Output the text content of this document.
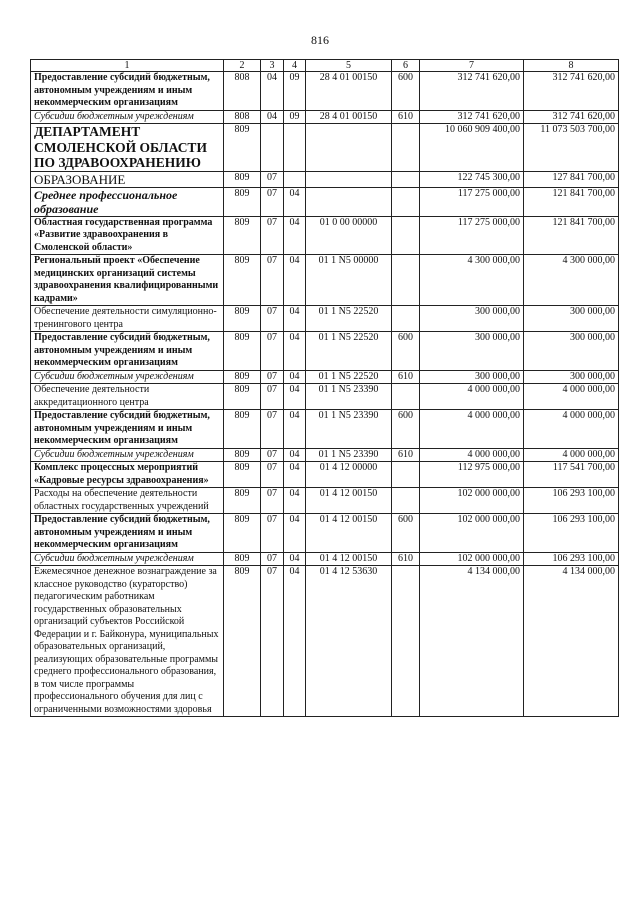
816
1	2	3	4	5	6	7	8
Предоставление субсидий бюджетным, автономным учреждениям и иным некоммерческим организациям	808	04	09	28 4 01 00150	600	312 741 620,00	312 741 620,00
Субсидии бюджетным учреждениям	808	04	09	28 4 01 00150	610	312 741 620,00	312 741 620,00
ДЕПАРТАМЕНТ СМОЛЕНСКОЙ ОБЛАСТИ ПО ЗДРАВООХРАНЕНИЮ	809					10 060 909 400,00	11 073 503 700,00
ОБРАЗОВАНИЕ	809	07				122 745 300,00	127 841 700,00
Среднее профессиональное образование	809	07	04			117 275 000,00	121 841 700,00
Областная государственная программа «Развитие здравоохранения в Смоленской области»	809	07	04	01 0 00 00000		117 275 000,00	121 841 700,00
Региональный проект «Обеспечение медицинских организаций системы здравоохранения квалифицированными кадрами»	809	07	04	01 1 N5 00000		4 300 000,00	4 300 000,00
Обеспечение деятельности симуляционно-тренингового центра	809	07	04	01 1 N5 22520		300 000,00	300 000,00
Предоставление субсидий бюджетным, автономным учреждениям и иным некоммерческим организациям	809	07	04	01 1 N5 22520	600	300 000,00	300 000,00
Субсидии бюджетным учреждениям	809	07	04	01 1 N5 22520	610	300 000,00	300 000,00
Обеспечение деятельности аккредитационного центра	809	07	04	01 1 N5 23390		4 000 000,00	4 000 000,00
Предоставление субсидий бюджетным, автономным учреждениям и иным некоммерческим организациям	809	07	04	01 1 N5 23390	600	4 000 000,00	4 000 000,00
Субсидии бюджетным учреждениям	809	07	04	01 1 N5 23390	610	4 000 000,00	4 000 000,00
Комплекс процессных мероприятий «Кадровые ресурсы здравоохранения»	809	07	04	01 4 12 00000		112 975 000,00	117 541 700,00
Расходы на обеспечение деятельности областных государственных учреждений	809	07	04	01 4 12 00150		102 000 000,00	106 293 100,00
Предоставление субсидий бюджетным, автономным учреждениям и иным некоммерческим организациям	809	07	04	01 4 12 00150	600	102 000 000,00	106 293 100,00
Субсидии бюджетным учреждениям	809	07	04	01 4 12 00150	610	102 000 000,00	106 293 100,00
Ежемесячное денежное вознаграждение за классное руководство (кураторство) педагогическим работникам государственных образовательных организаций субъектов Российской Федерации и г. Байконура, муниципальных образовательных организаций, реализующих образовательные программы среднего профессионального образования, в том числе программы профессионального обучения для лиц с ограниченными возможностями здоровья	809	07	04	01 4 12 53630		4 134 000,00	4 134 000,00
